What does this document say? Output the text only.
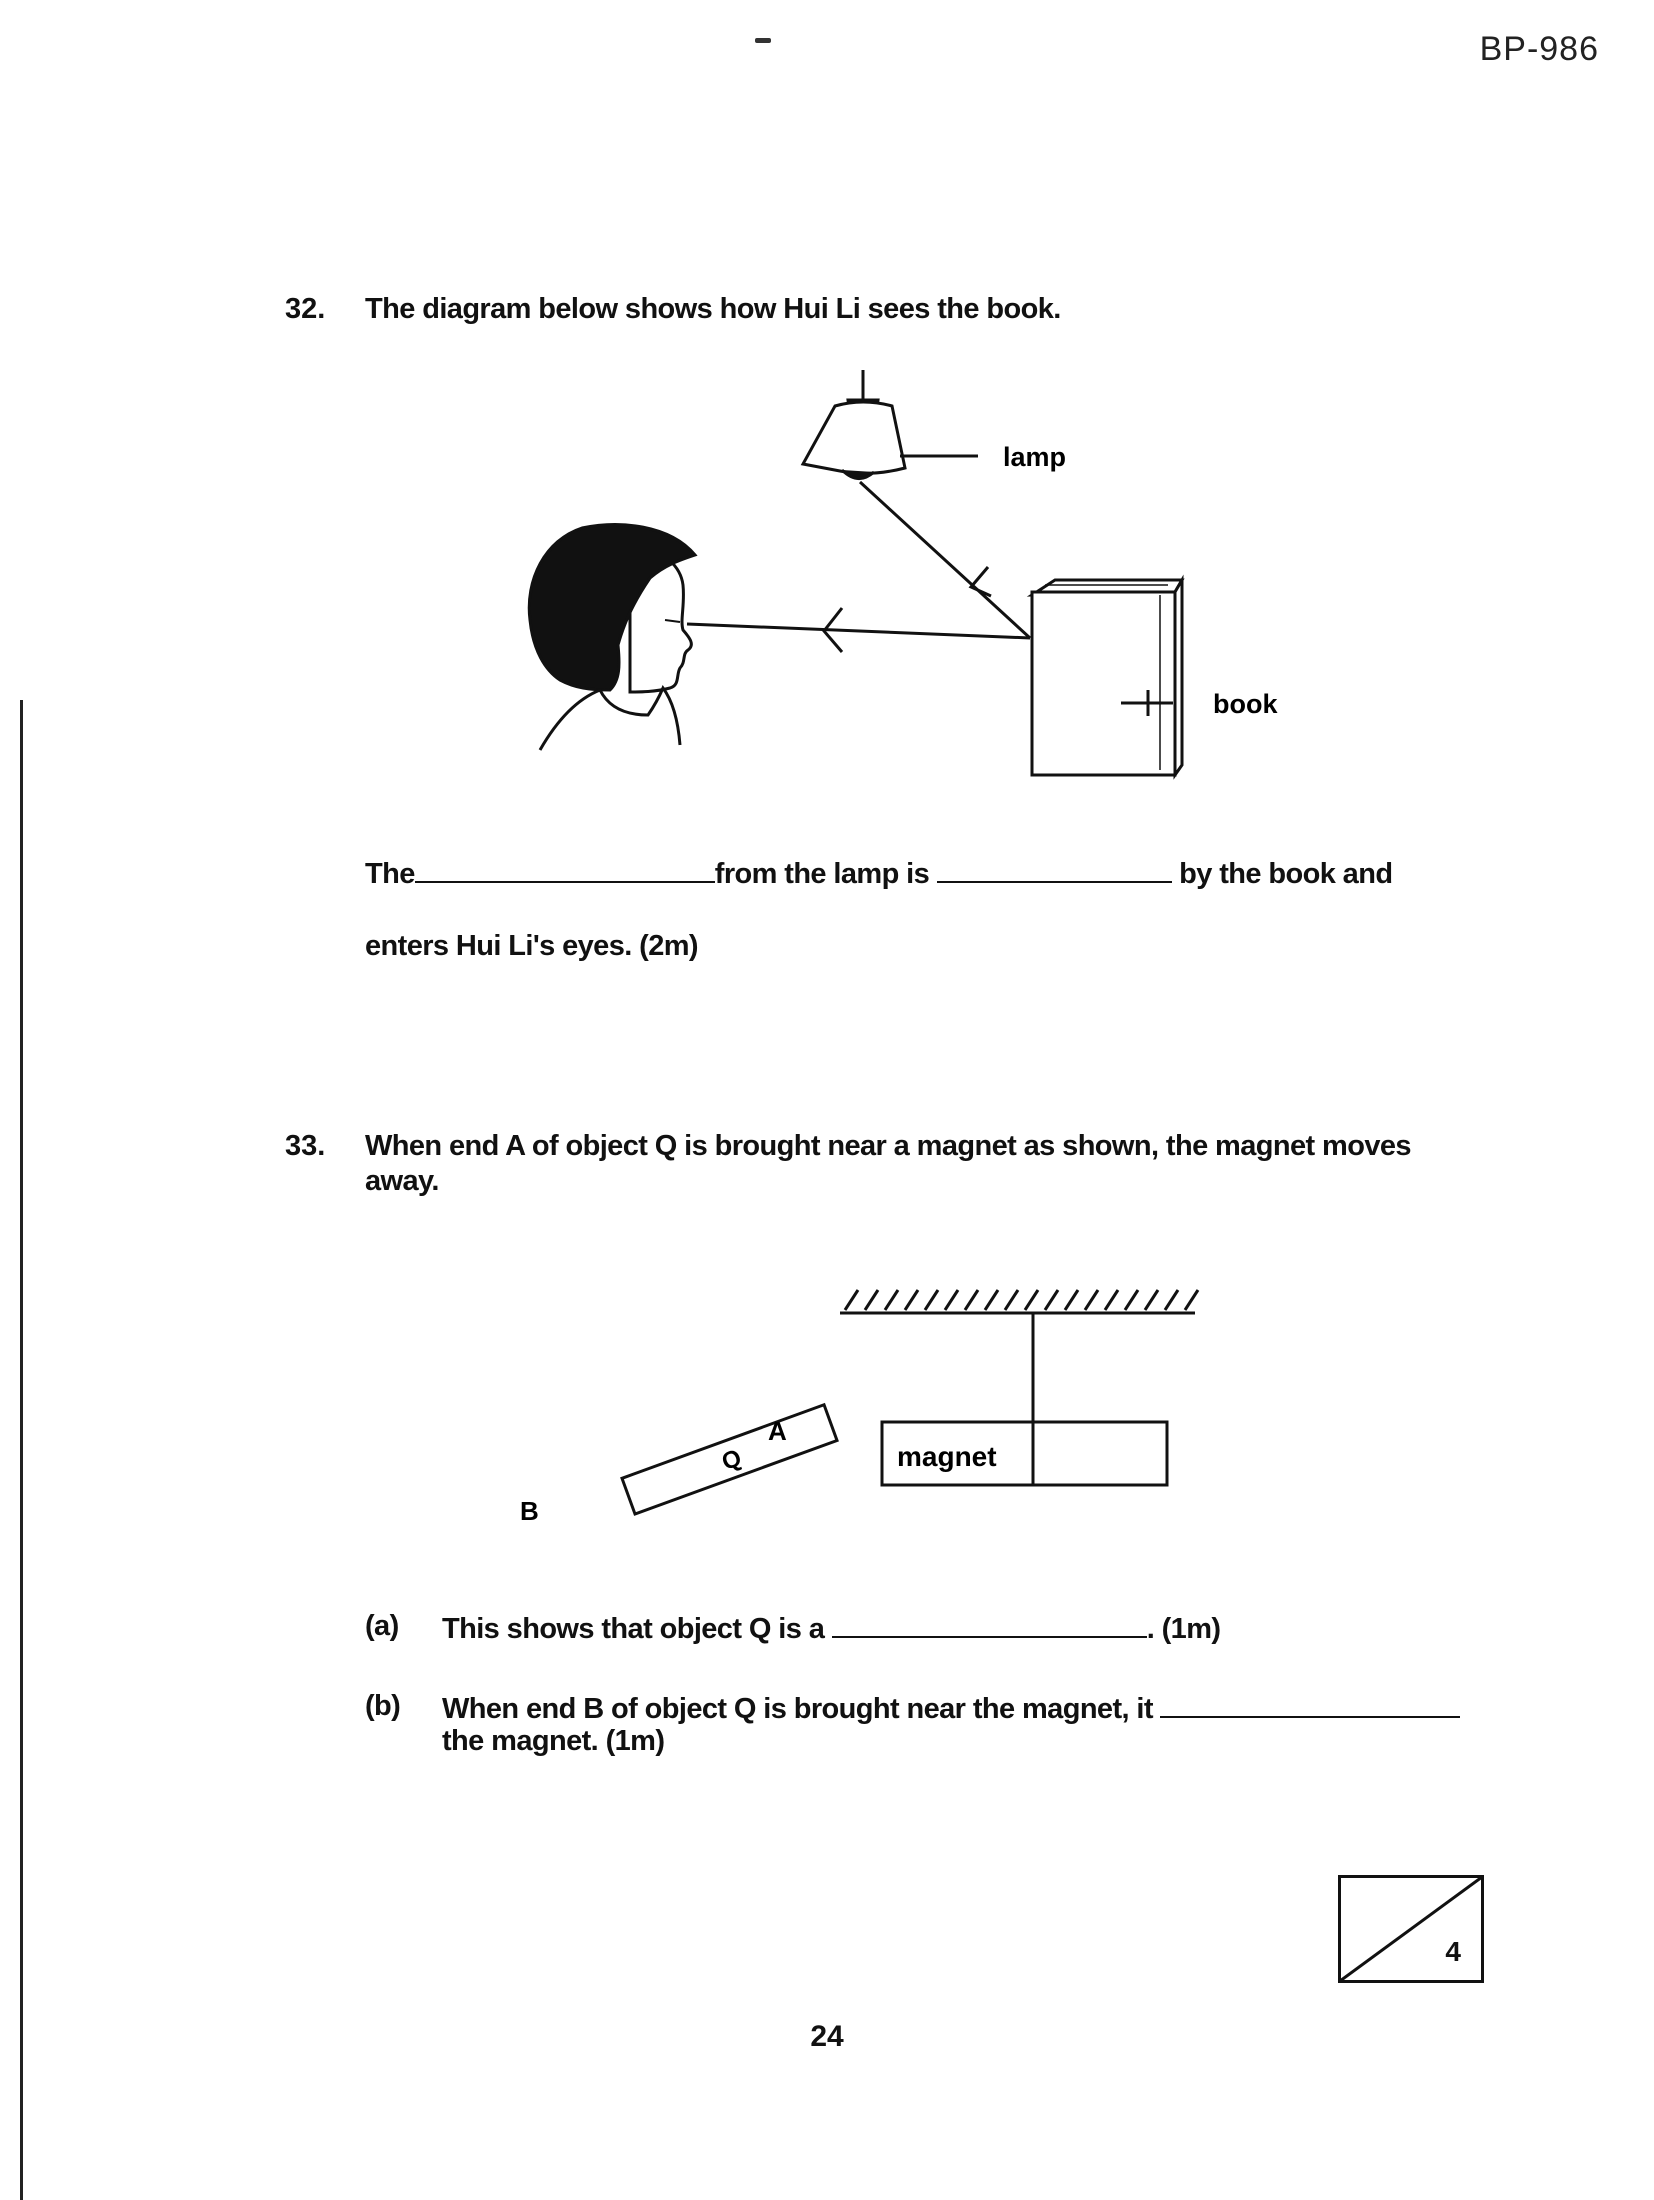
BP-986
32. The diagram below shows how Hui Li sees the book.
lamp
book
The	from the lamp is	by the book and
enters Hui Li's eyes. (2m)
33. When end A of object Q is brought near a magnet as shown, the magnet moves
away.
magnet
Q
A
B
(a) This shows that object Q is a	. (1m)
(b) When end B of object Q is brought near the magnet, it
the magnet. (1m)
4
24
